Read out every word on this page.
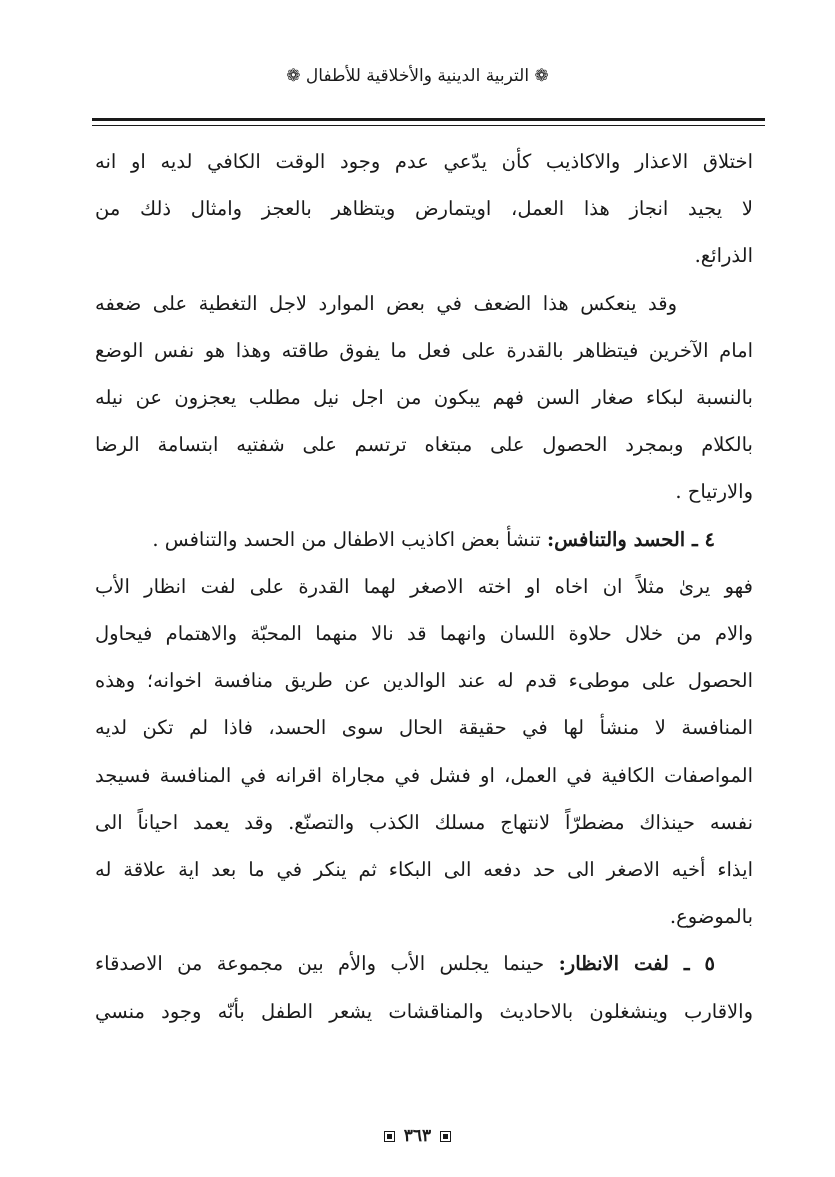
❁ التربية الدينية والأخلاقية للأطفال ❁
اختلاق الاعذار والاكاذيب كأن يدّعي عدم وجود الوقت الكافي لديه او انه
لا يجيد انجاز هذا العمل، اويتمارض ويتظاهر بالعجز وامثال ذلك من
الذرائع.
وقد ينعكس هذا الضعف في بعض الموارد لاجل التغطية على ضعفه
امام الآخرين فيتظاهر بالقدرة على فعل ما يفوق طاقته وهذا هو نفس الوضع
بالنسبة لبكاء صغار السن فهم يبكون من اجل نيل مطلب يعجزون عن نيله
بالكلام وبمجرد الحصول على مبتغاه ترتسم على شفتيه ابتسامة الرضا
والارتياح .
٤ ـ الحسد والتنافس: تنشأ بعض اكاذيب الاطفال من الحسد والتنافس .
فهو يرىٰ مثلاً ان اخاه او اخته الاصغر لهما القدرة على لفت انظار الأب
والام من خلال حلاوة اللسان وانهما قد نالا منهما المحبّة والاهتمام فيحاول
الحصول على موطىء قدم له عند الوالدين عن طريق منافسة اخوانه؛ وهذه
المنافسة لا منشأ لها في حقيقة الحال سوى الحسد، فاذا لم تكن لديه
المواصفات الكافية في العمل، او فشل في مجاراة اقرانه في المنافسة فسيجد
نفسه حينذاك مضطرّاً لانتهاج مسلك الكذب والتصنّع. وقد يعمد احياناً الى
ايذاء أخيه الاصغر الى حد دفعه الى البكاء ثم ينكر في ما بعد اية علاقة له
بالموضوع.
٥ ـ لفت الانظار: حينما يجلس الأب والأم بين مجموعة من الاصدقاء
والاقارب وينشغلون بالاحاديث والمناقشات يشعر الطفل بأنّه وجود منسي
٣٦٣
